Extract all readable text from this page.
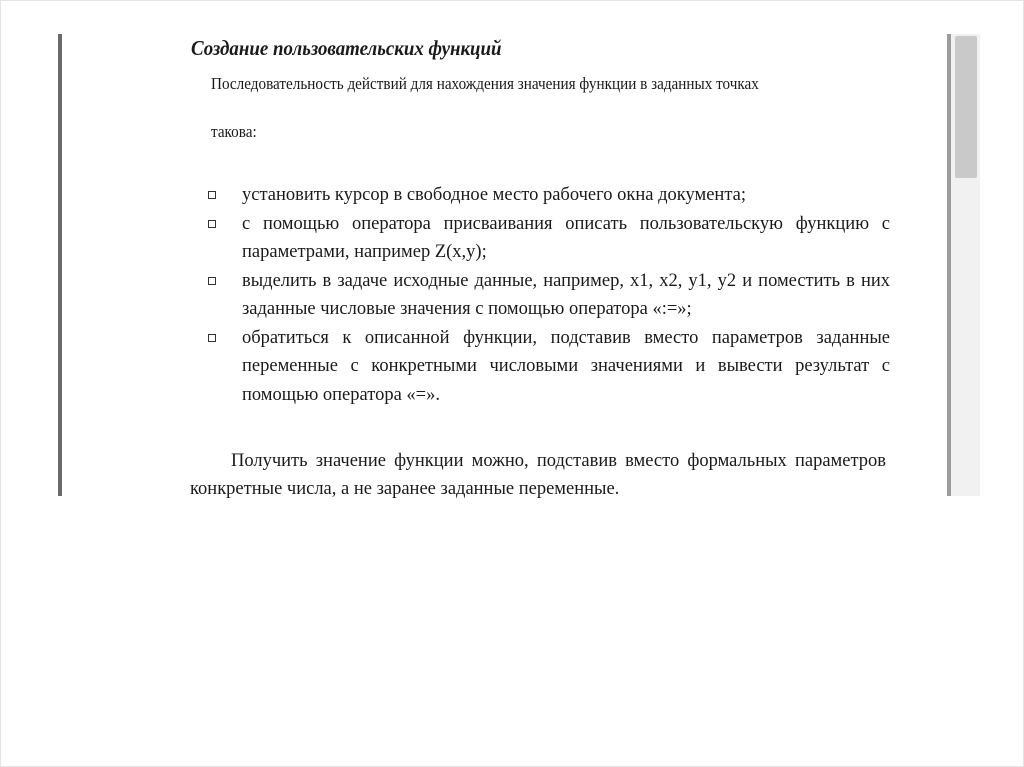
Создание пользовательских функций
Последовательность действий для нахождения значения функции в заданных точках
такова:
установить курсор в свободное место рабочего окна документа;
с помощью оператора присваивания описать пользовательскую функцию с параметрами, например Z(x,y);
выделить в задаче исходные данные, например, x1, x2, y1, y2 и поместить в них заданные числовые значения с помощью оператора «:=»;
обратиться к описанной функции, подставив вместо параметров заданные переменные с конкретными числовыми значениями и вывести результат с помощью оператора «=».
Получить значение функции можно, подставив вместо формальных параметров конкретные числа, а не заранее заданные переменные.
